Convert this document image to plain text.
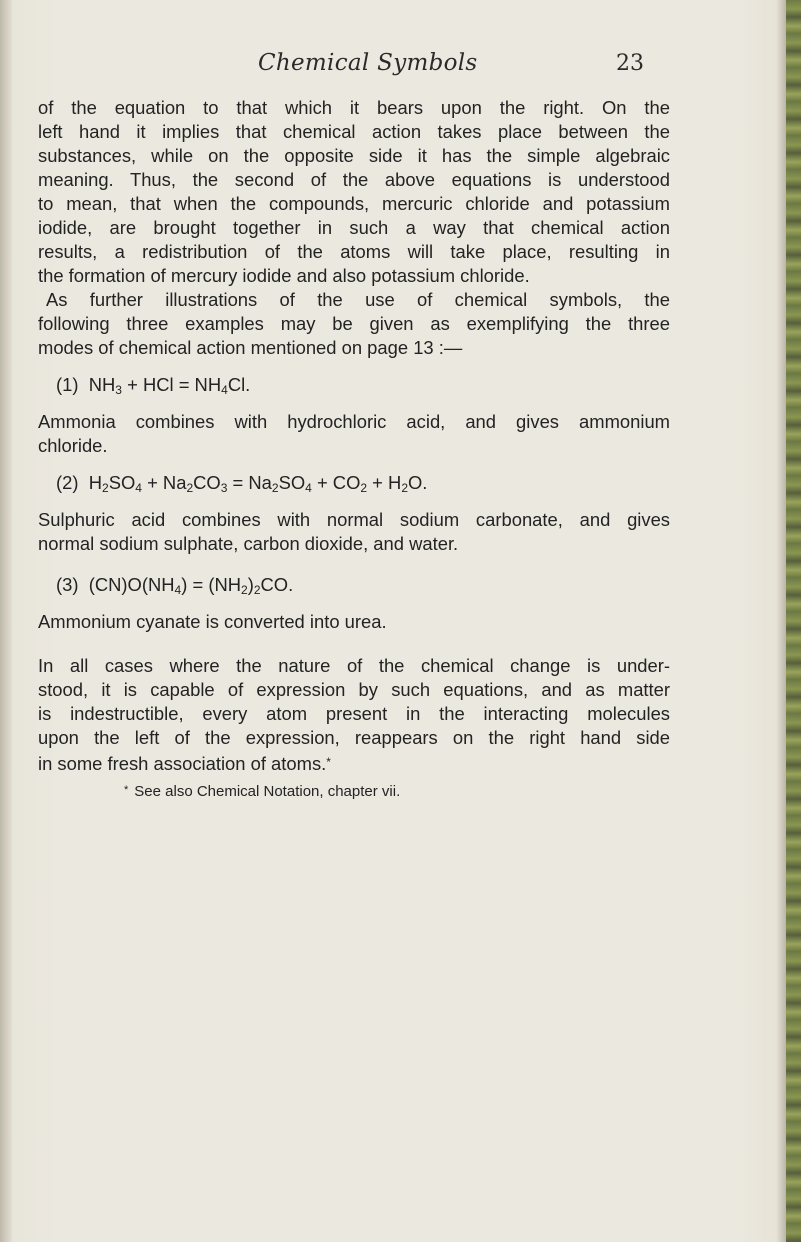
Chemical Symbols	23
of the equation to that which it bears upon the right. On the
left hand it implies that chemical action takes place between the
substances, while on the opposite side it has the simple algebraic
meaning. Thus, the second of the above equations is understood
to mean, that when the compounds, mercuric chloride and potassium
iodide, are brought together in such a way that chemical action
results, a redistribution of the atoms will take place, resulting in
the formation of mercury iodide and also potassium chloride.
As further illustrations of the use of chemical symbols, the
following three examples may be given as exemplifying the three
modes of chemical action mentioned on page 13 :—
(1) $NH_3$ + HCl = $NH_4Cl$.
Ammonia combines with hydrochloric acid, and gives ammonium
chloride.
(2) $H_2SO_4 + Na_2CO_3 = Na_2SO_4 + CO_2 + H_2O$.
Sulphuric acid combines with normal sodium carbonate, and gives
normal sodium sulphate, carbon dioxide, and water.
(3) $(CN)O(NH_4) = (NH_2)_2CO$.
Ammonium cyanate is converted into urea.
In all cases where the nature of the chemical change is under-
stood, it is capable of expression by such equations, and as matter
is indestructible, every atom present in the interacting molecules
upon the left of the expression, reappears on the right hand side
in some fresh association of atoms.*
* See also Chemical Notation, chapter vii.
